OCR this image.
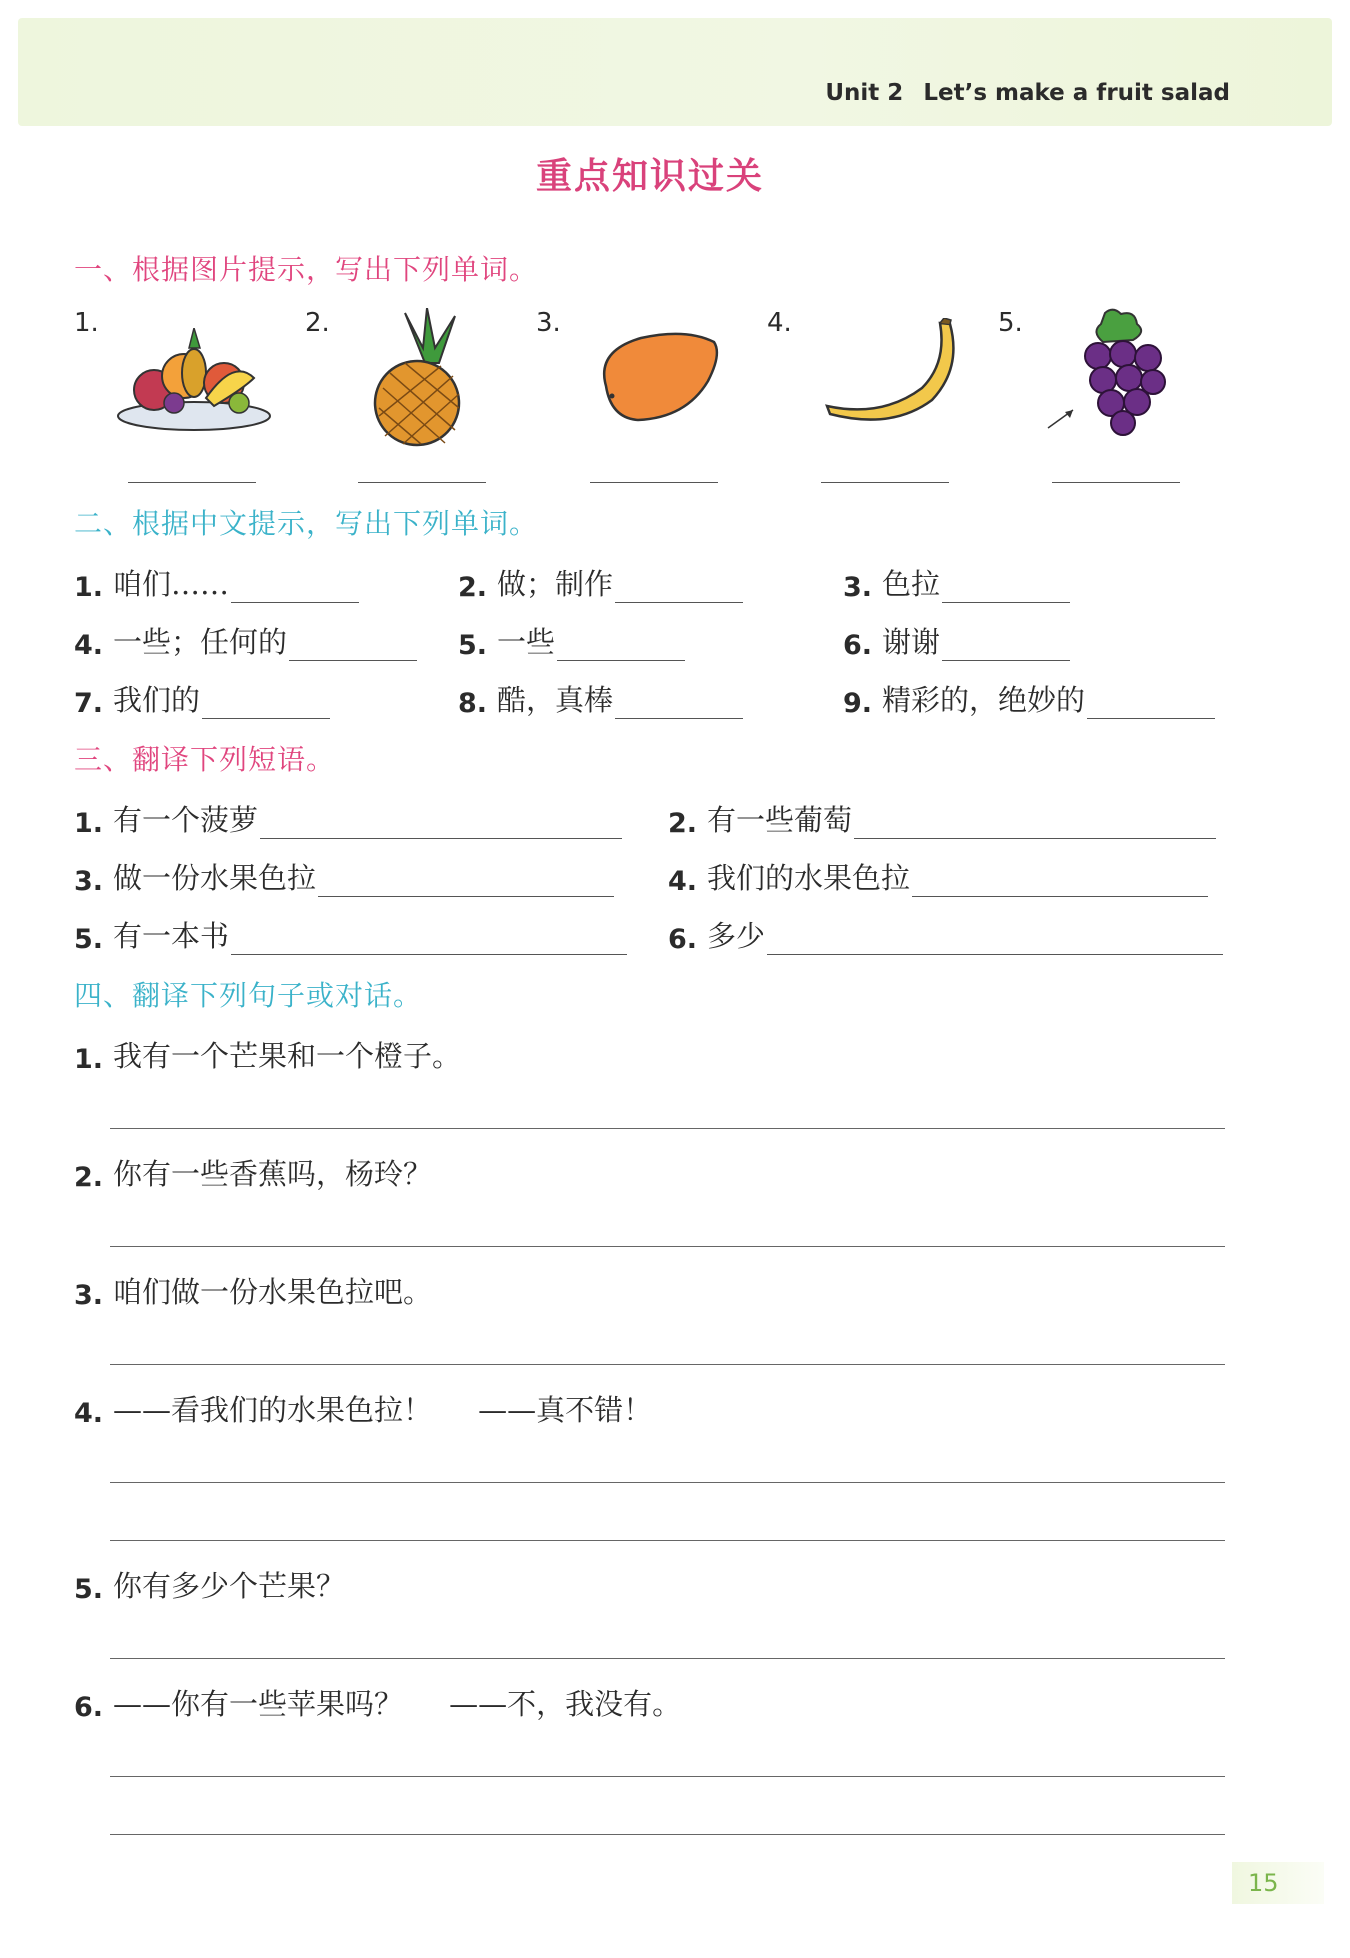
Unit 2 Let’s make a fruit salad
重点知识过关
一、根据图片提示，写出下列单词。
1.	2.	3.	4.	5.
二、根据中文提示，写出下列单词。
1. 咱们……	2. 做；制作	3. 色拉
4. 一些；任何的	5. 一些	6. 谢谢
7. 我们的	8. 酷，真棒	9. 精彩的，绝妙的
三、翻译下列短语。
1. 有一个菠萝	2. 有一些葡萄
3. 做一份水果色拉	4. 我们的水果色拉
5. 有一本书	6. 多少
四、翻译下列句子或对话。
1. 我有一个芒果和一个橙子。
2. 你有一些香蕉吗，杨玲？
3. 咱们做一份水果色拉吧。
4. ——看我们的水果色拉！ ——真不错！
5. 你有多少个芒果？
6. ——你有一些苹果吗？ ——不，我没有。
15
